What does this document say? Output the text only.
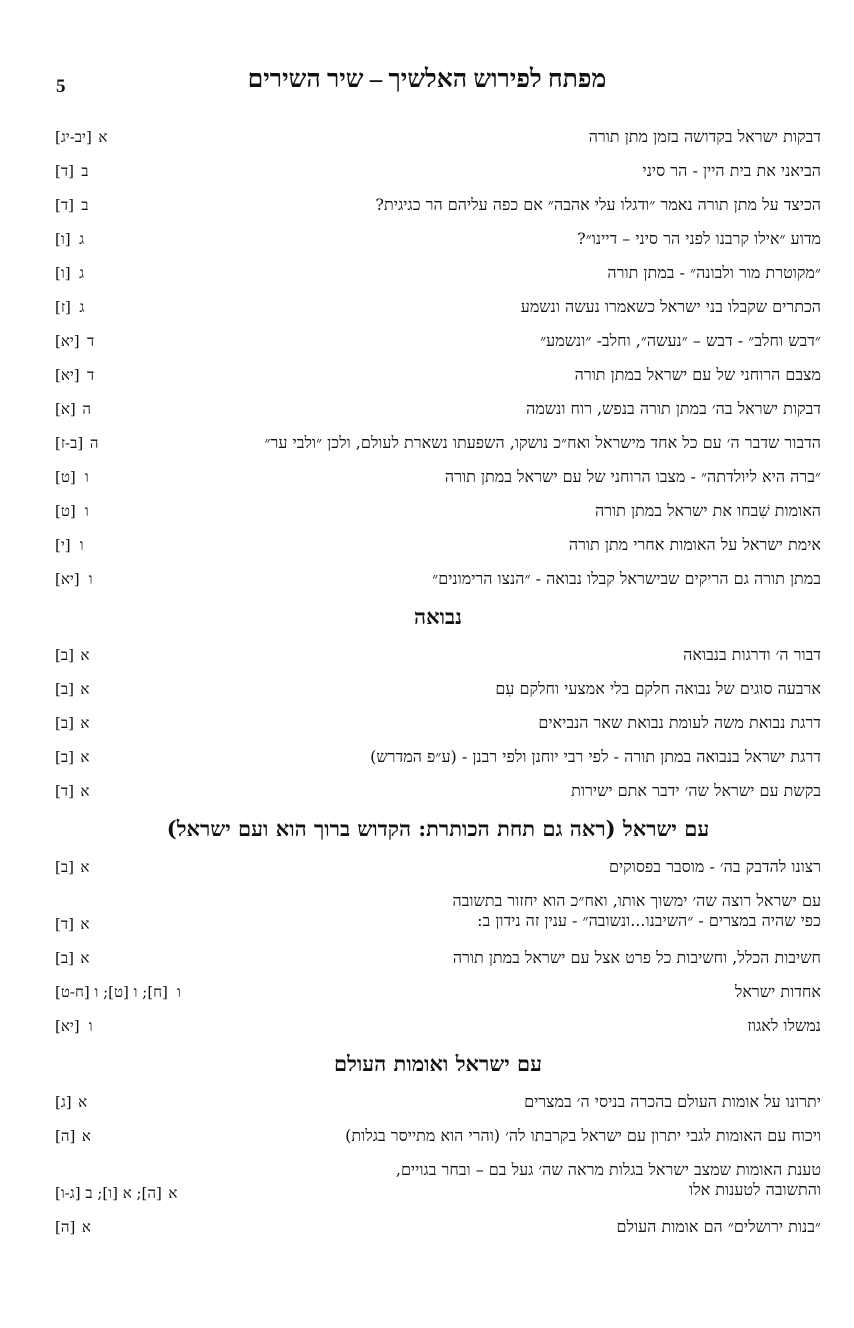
מפתח לפירוש האלשיך – שיר השירים
5
דבקות ישראל בקדושה בזמן מתן תורה
א[יב-יג]
הביאני את בית היין - הר סיני
ב[ד]
הכיצד על מתן תורה נאמר ״ודגלו עלי אהבה״ אם כפה עליהם הר כגיגית?
ב[ד]
מדוע ״אילו קרבנו לפני הר סיני – דיינו״?
ג[ו]
״מקוטרת מור ולבונה״ - במתן תורה
ג[ו]
הכתרים שקבלו בני ישראל כשאמרו נעשה ונשמע
ג[ז]
״דבש וחלב״ - דבש – ״נעשה״, וחלב- ״ונשמע״
ד[יא]
מצבם הרוחני של עם ישראל במתן תורה
ד[יא]
דבקות ישראל בה׳ במתן תורה בנפש, רוח ונשמה
ה[א]
הדבור שדבר ה׳ עם כל אחד מישראל ואח״כ נושקו, השפעתו נשארת לעולם, ולכן ״ולבי ער״
ה[ב-ז]
״ברה היא ליולדתה״ - מצבו הרוחני של עם ישראל במתן תורה
ו[ט]
האומות שִׁבחו את ישראל במתן תורה
ו[ט]
אימת ישראל על האומות אחרי מתן תורה
ו[י]
במתן תורה גם הריקים שבישראל קבלו נבואה - ״הנצו הרימונים״
ו[יא]
נבואה
דבור ה׳ ודרגות בנבואה
א[ב]
ארבעה סוגים של נבואה חלקם בלי אמצעי וחלקם עִם
א[ב]
דרגת נבואת משה לעומת נבואת שאר הנביאים
א[ב]
דרגת ישראל בנבואה במתן תורה - לפי רבי יוחנן ולפי רבנן - (ע״פ המדרש)
א[ב]
בקשת עם ישראל שה׳ ידבר אתם ישירות
א[ד]
עם ישראל (ראה גם תחת הכותרת: הקדוש ברוך הוא ועם ישראל)
רצונו להדבק בה׳ - מוסבר בפסוקים
א[ב]
עם ישראל רוצה שה׳ ימשוך אותו, ואח״כ הוא יחזור בתשובה
כפי שהיה במצרים - ״השיבנו...ונשובה״ - ענין זה נידון ב:
א[ד]
חשיבות הכלל, וחשיבות כל פרט אצל עם ישראל במתן תורה
א[ב]
אחדות ישראל
ו[ח]; ו [ט]; ו [ח-ט]
נמשלו לאגוז
ו[יא]
עם ישראל ואומות העולם
יתרונו על אומות העולם בהכרה בניסי ה׳ במצרים
א[ג]
ויכוח עם האומות לגבי יתרון עם ישראל בקרבתו לה׳ (והרי הוא מתייסר בגלות)
א[ה]
טענת האומות שמצב ישראל בגלות מראה שה׳ געל בם – ובחר בגויים,
והתשובה לטענות אלו
א[ה]; א [ו]; ב [ג-ו]
״בנות ירושלים״ הם אומות העולם
א[ה]
